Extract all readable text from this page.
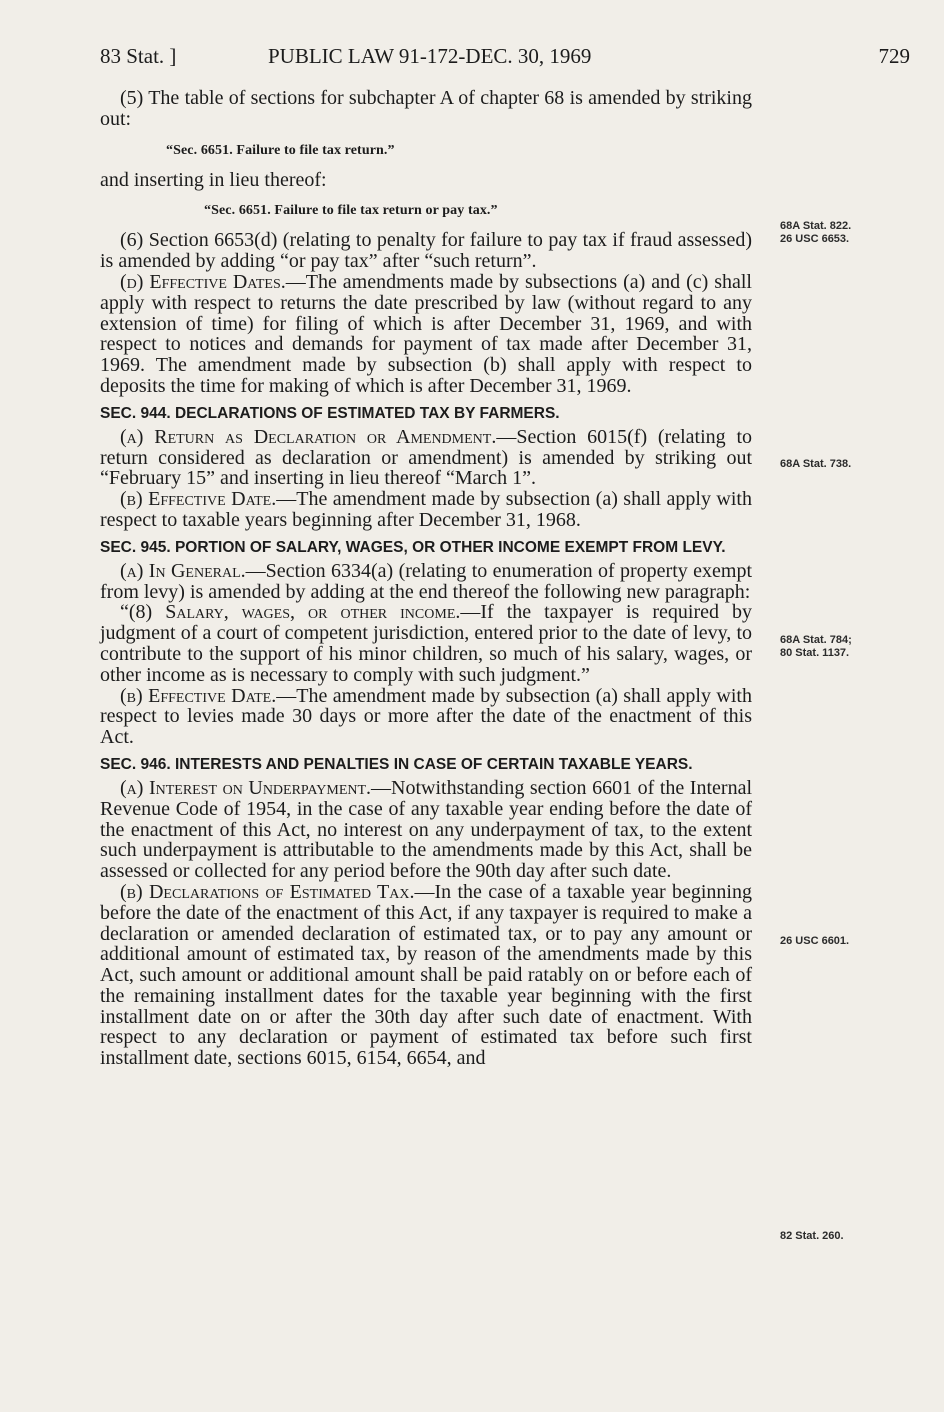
83 Stat. ]	PUBLIC LAW 91-172-DEC. 30, 1969	729

(5) The table of sections for subchapter A of chapter 68 is amended by striking out:

“Sec. 6651. Failure to file tax return.”

and inserting in lieu thereof:

“Sec. 6651. Failure to file tax return or pay tax.”

(6) Section 6653(d) (relating to penalty for failure to pay tax if fraud assessed) is amended by adding “or pay tax” after “such return”.

(d) Effective Dates.—The amendments made by subsections (a) and (c) shall apply with respect to returns the date prescribed by law (without regard to any extension of time) for filing of which is after December 31, 1969, and with respect to notices and demands for payment of tax made after December 31, 1969. The amendment made by subsection (b) shall apply with respect to deposits the time for making of which is after December 31, 1969.

SEC. 944. DECLARATIONS OF ESTIMATED TAX BY FARMERS.

(a) Return as Declaration or Amendment.—Section 6015(f) (relating to return considered as declaration or amendment) is amended by striking out “February 15” and inserting in lieu thereof “March 1”.

(b) Effective Date.—The amendment made by subsection (a) shall apply with respect to taxable years beginning after December 31, 1968.

SEC. 945. PORTION OF SALARY, WAGES, OR OTHER INCOME EXEMPT FROM LEVY.

(a) In General.—Section 6334(a) (relating to enumeration of property exempt from levy) is amended by adding at the end thereof the following new paragraph:

“(8) Salary, wages, or other income.—If the taxpayer is required by judgment of a court of competent jurisdiction, entered prior to the date of levy, to contribute to the support of his minor children, so much of his salary, wages, or other income as is necessary to comply with such judgment.”

(b) Effective Date.—The amendment made by subsection (a) shall apply with respect to levies made 30 days or more after the date of the enactment of this Act.

SEC. 946. INTERESTS AND PENALTIES IN CASE OF CERTAIN TAXABLE YEARS.

(a) Interest on Underpayment.—Notwithstanding section 6601 of the Internal Revenue Code of 1954, in the case of any taxable year ending before the date of the enactment of this Act, no interest on any underpayment of tax, to the extent such underpayment is attributable to the amendments made by this Act, shall be assessed or collected for any period before the 90th day after such date.

(b) Declarations of Estimated Tax.—In the case of a taxable year beginning before the date of the enactment of this Act, if any taxpayer is required to make a declaration or amended declaration of estimated tax, or to pay any amount or additional amount of estimated tax, by reason of the amendments made by this Act, such amount or additional amount shall be paid ratably on or before each of the remaining installment dates for the taxable year beginning with the first installment date on or after the 30th day after such date of enactment. With respect to any declaration or payment of estimated tax before such first installment date, sections 6015, 6154, 6654, and

68A Stat. 822.
26 USC 6653.
68A Stat. 738.
68A Stat. 784;
80 Stat. 1137.
26 USC 6601.
82 Stat. 260.
